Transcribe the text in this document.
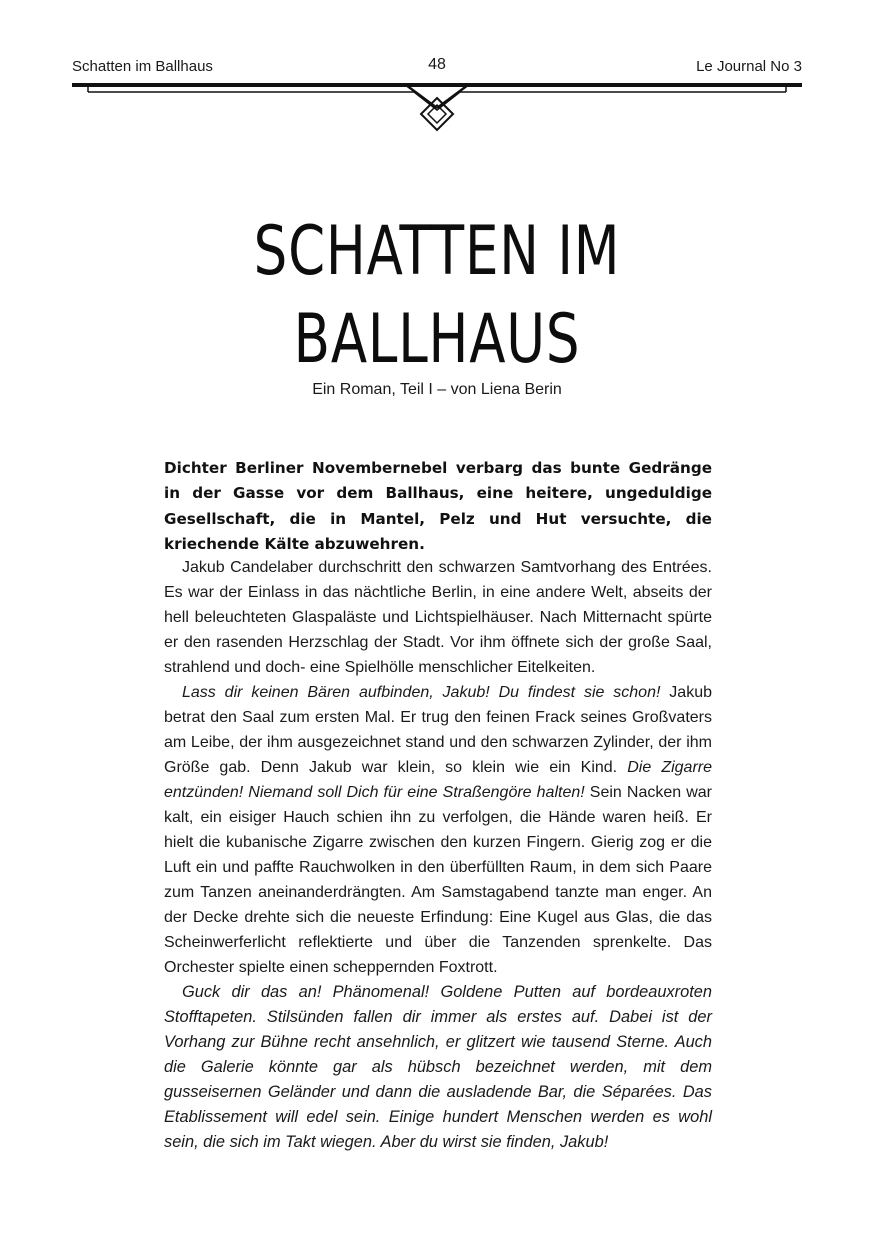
Schatten im Ballhaus	48	Le Journal No 3
SCHATTEN IM
BALLHAUS
Ein Roman, Teil I – von Liena Berin

Dichter Berliner Novembernebel verbarg das bunte Gedränge in der Gasse vor dem Ballhaus, eine heitere, ungeduldige Gesellschaft, die in Mantel, Pelz und Hut versuchte, die kriechende Kälte abzuwehren.

Jakub Candelaber durchschritt den schwarzen Samtvorhang des Entrées. Es war der Einlass in das nächtliche Berlin, in eine andere Welt, abseits der hell beleuchteten Glaspaläste und Lichtspielhäuser. Nach Mitternacht spürte er den rasenden Herzschlag der Stadt. Vor ihm öffnete sich der große Saal, strahlend und doch- eine Spielhölle menschlicher Eitelkeiten.

Lass dir keinen Bären aufbinden, Jakub! Du findest sie schon! Jakub betrat den Saal zum ersten Mal. Er trug den feinen Frack seines Großvaters am Leibe, der ihm ausgezeichnet stand und den schwarzen Zylinder, der ihm Größe gab. Denn Jakub war klein, so klein wie ein Kind. Die Zigarre entzünden! Niemand soll Dich für eine Straßengöre halten! Sein Nacken war kalt, ein eisiger Hauch schien ihn zu verfolgen, die Hände waren heiß. Er hielt die kubanische Zigarre zwischen den kurzen Fingern. Gierig zog er die Luft ein und paffte Rauchwolken in den überfüllten Raum, in dem sich Paare zum Tanzen aneinanderdrängten. Am Samstagabend tanzte man enger. An der Decke drehte sich die neueste Erfindung: Eine Kugel aus Glas, die das Scheinwerferlicht reflektierte und über die Tanzenden sprenkelte. Das Orchester spielte einen scheppernden Foxtrott.

Guck dir das an! Phänomenal! Goldene Putten auf bordeauxroten Stofftapeten. Stilsünden fallen dir immer als erstes auf. Dabei ist der Vorhang zur Bühne recht ansehnlich, er glitzert wie tausend Sterne. Auch die Galerie könnte gar als hübsch bezeichnet werden, mit dem gusseisernen Geländer und dann die ausladende Bar, die Séparées. Das Etablissement will edel sein. Einige hundert Menschen werden es wohl sein, die sich im Takt wiegen. Aber du wirst sie finden, Jakub!
